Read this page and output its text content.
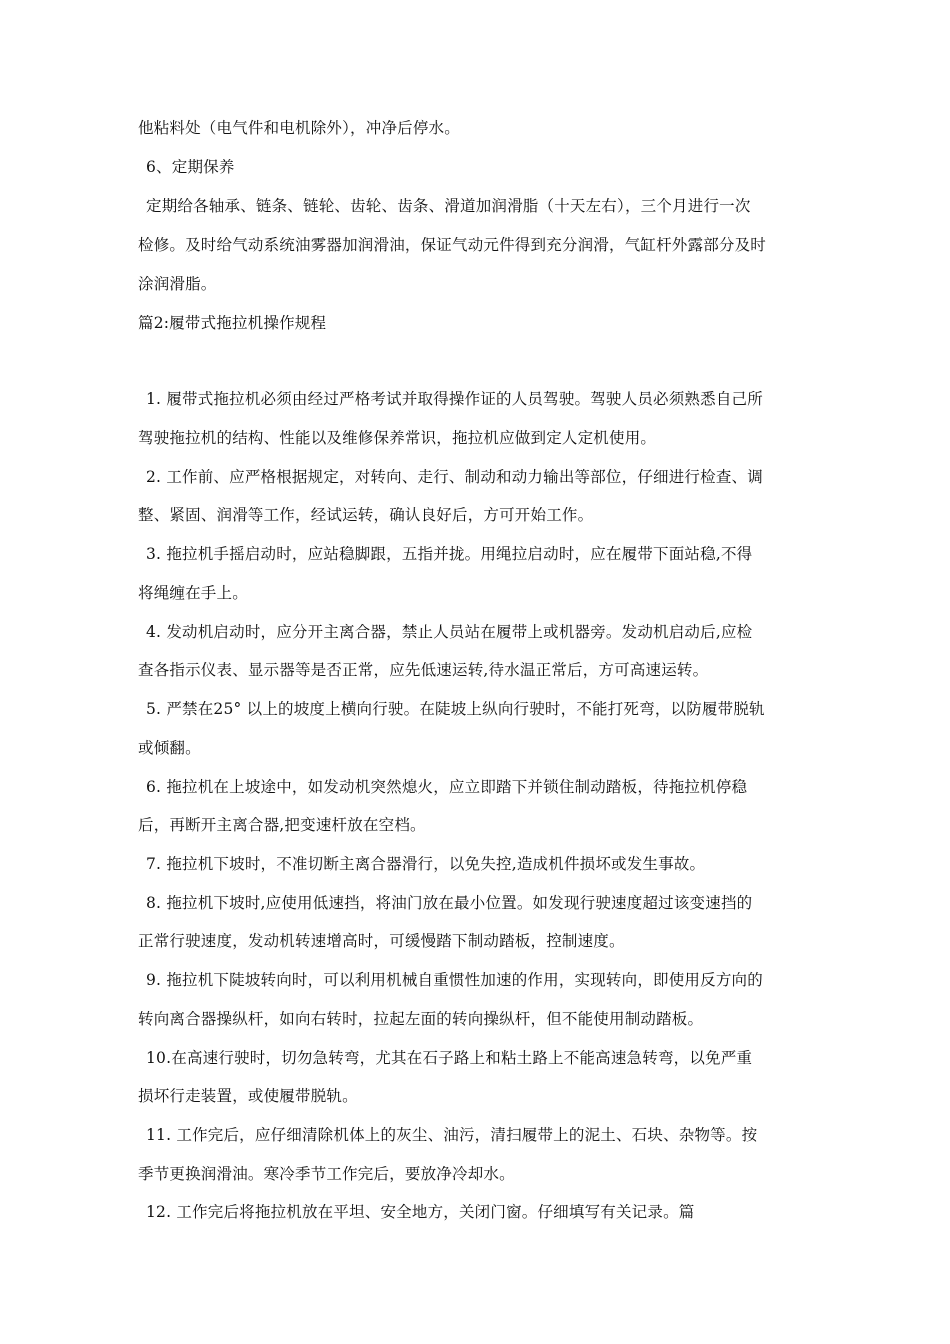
他粘料处（电气件和电机除外），冲净后停水。
6、定期保养
定期给各轴承、链条、链轮、齿轮、齿条、滑道加润滑脂（十天左右），三个月进行一次
检修。及时给气动系统油雾器加润滑油，保证气动元件得到充分润滑，气缸杆外露部分及时
涂润滑脂。
篇2:履带式拖拉机操作规程
1. 履带式拖拉机必须由经过严格考试并取得操作证的人员驾驶。驾驶人员必须熟悉自己所
驾驶拖拉机的结构、性能以及维修保养常识，拖拉机应做到定人定机使用。
2. 工作前、应严格根据规定，对转向、走行、制动和动力输出等部位，仔细进行检查、调
整、紧固、润滑等工作，经试运转，确认良好后，方可开始工作。
3. 拖拉机手摇启动时，应站稳脚跟，五指并拢。用绳拉启动时，应在履带下面站稳,不得
将绳缠在手上。
4. 发动机启动时，应分开主离合器，禁止人员站在履带上或机器旁。发动机启动后,应检
查各指示仪表、显示器等是否正常，应先低速运转,待水温正常后，方可高速运转。
5. 严禁在25° 以上的坡度上横向行驶。在陡坡上纵向行驶时，不能打死弯，以防履带脱轨
或倾翻。
6. 拖拉机在上坡途中，如发动机突然熄火，应立即踏下并锁住制动踏板，待拖拉机停稳
后，再断开主离合器,把变速杆放在空档。
7. 拖拉机下坡时，不准切断主离合器滑行，以免失控,造成机件损坏或发生事故。
8. 拖拉机下坡时,应使用低速挡，将油门放在最小位置。如发现行驶速度超过该变速挡的
正常行驶速度，发动机转速增高时，可缓慢踏下制动踏板，控制速度。
9. 拖拉机下陡坡转向时，可以利用机械自重惯性加速的作用，实现转向，即使用反方向的
转向离合器操纵杆，如向右转时，拉起左面的转向操纵杆，但不能使用制动踏板。
10.在高速行驶时，切勿急转弯，尤其在石子路上和粘土路上不能高速急转弯，以免严重
损坏行走装置，或使履带脱轨。
11. 工作完后，应仔细清除机体上的灰尘、油污，清扫履带上的泥土、石块、杂物等。按
季节更换润滑油。寒冷季节工作完后，要放净冷却水。
12. 工作完后将拖拉机放在平坦、安全地方，关闭门窗。仔细填写有关记录。篇
